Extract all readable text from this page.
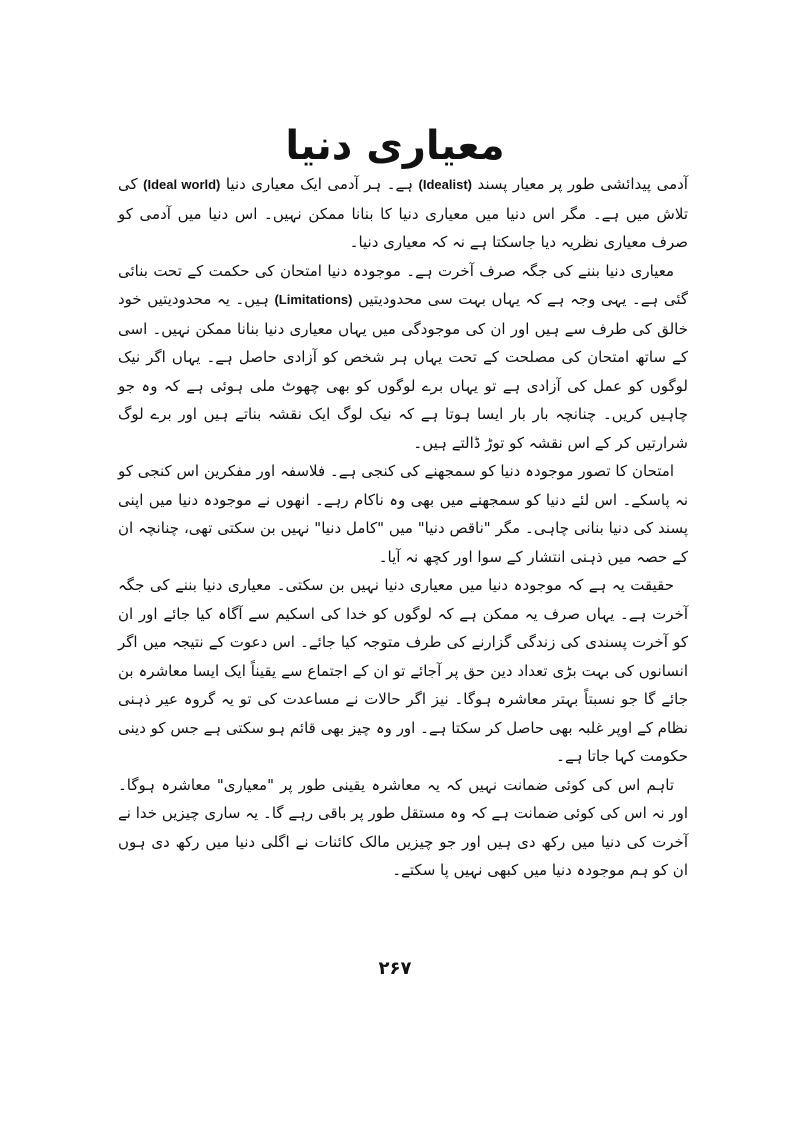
معیاری دنیا

آدمی پیدائشی طور پر معیار پسند (Idealist) ہے۔ ہر آدمی ایک معیاری دنیا (Ideal world) کی تلاش میں ہے۔ مگر اس دنیا میں معیاری دنیا کا بنانا ممکن نہیں۔ اس دنیا میں آدمی کو صرف معیاری نظریہ دیا جاسکتا ہے نہ کہ معیاری دنیا۔

معیاری دنیا بننے کی جگہ صرف آخرت ہے۔ موجودہ دنیا امتحان کی حکمت کے تحت بنائی گئی ہے۔ یہی وجہ ہے کہ یہاں بہت سی محدودیتیں (Limitations) ہیں۔ یہ محدودیتیں خود خالق کی طرف سے ہیں اور ان کی موجودگی میں یہاں معیاری دنیا بنانا ممکن نہیں۔ اسی کے ساتھ امتحان کی مصلحت کے تحت یہاں ہر شخص کو آزادی حاصل ہے۔ یہاں اگر نیک لوگوں کو عمل کی آزادی ہے تو یہاں برے لوگوں کو بھی چھوٹ ملی ہوئی ہے کہ وہ جو چاہیں کریں۔ چنانچہ بار بار ایسا ہوتا ہے کہ نیک لوگ ایک نقشہ بناتے ہیں اور برے لوگ شرارتیں کر کے اس نقشہ کو توڑ ڈالتے ہیں۔

امتحان کا تصور موجودہ دنیا کو سمجھنے کی کنجی ہے۔ فلاسفہ اور مفکرین اس کنجی کو نہ پاسکے۔ اس لئے دنیا کو سمجھنے میں بھی وہ ناکام رہے۔ انھوں نے موجودہ دنیا میں اپنی پسند کی دنیا بنانی چاہی۔ مگر "ناقص دنیا" میں "کامل دنیا" نہیں بن سکتی تھی، چنانچہ ان کے حصہ میں ذہنی انتشار کے سوا اور کچھ نہ آیا۔

حقیقت یہ ہے کہ موجودہ دنیا میں معیاری دنیا نہیں بن سکتی۔ معیاری دنیا بننے کی جگہ آخرت ہے۔ یہاں صرف یہ ممکن ہے کہ لوگوں کو خدا کی اسکیم سے آگاہ کیا جائے اور ان کو آخرت پسندی کی زندگی گزارنے کی طرف متوجہ کیا جائے۔ اس دعوت کے نتیجہ میں اگر انسانوں کی بہت بڑی تعداد دین حق پر آجائے تو ان کے اجتماع سے یقیناً ایک ایسا معاشرہ بن جائے گا جو نسبتاً بہتر معاشرہ ہوگا۔ نیز اگر حالات نے مساعدت کی تو یہ گروہ عیر ذہنی نظام کے اوپر غلبہ بھی حاصل کر سکتا ہے۔ اور وہ چیز بھی قائم ہو سکتی ہے جس کو دینی حکومت کہا جاتا ہے۔

تاہم اس کی کوئی ضمانت نہیں کہ یہ معاشرہ یقینی طور پر "معیاری" معاشرہ ہوگا۔ اور نہ اس کی کوئی ضمانت ہے کہ وہ مستقل طور پر باقی رہے گا۔ یہ ساری چیزیں خدا نے آخرت کی دنیا میں رکھ دی ہیں اور جو چیزیں مالک کائنات نے اگلی دنیا میں رکھ دی ہوں ان کو ہم موجودہ دنیا میں کبھی نہیں پا سکتے۔

۲۶۷
